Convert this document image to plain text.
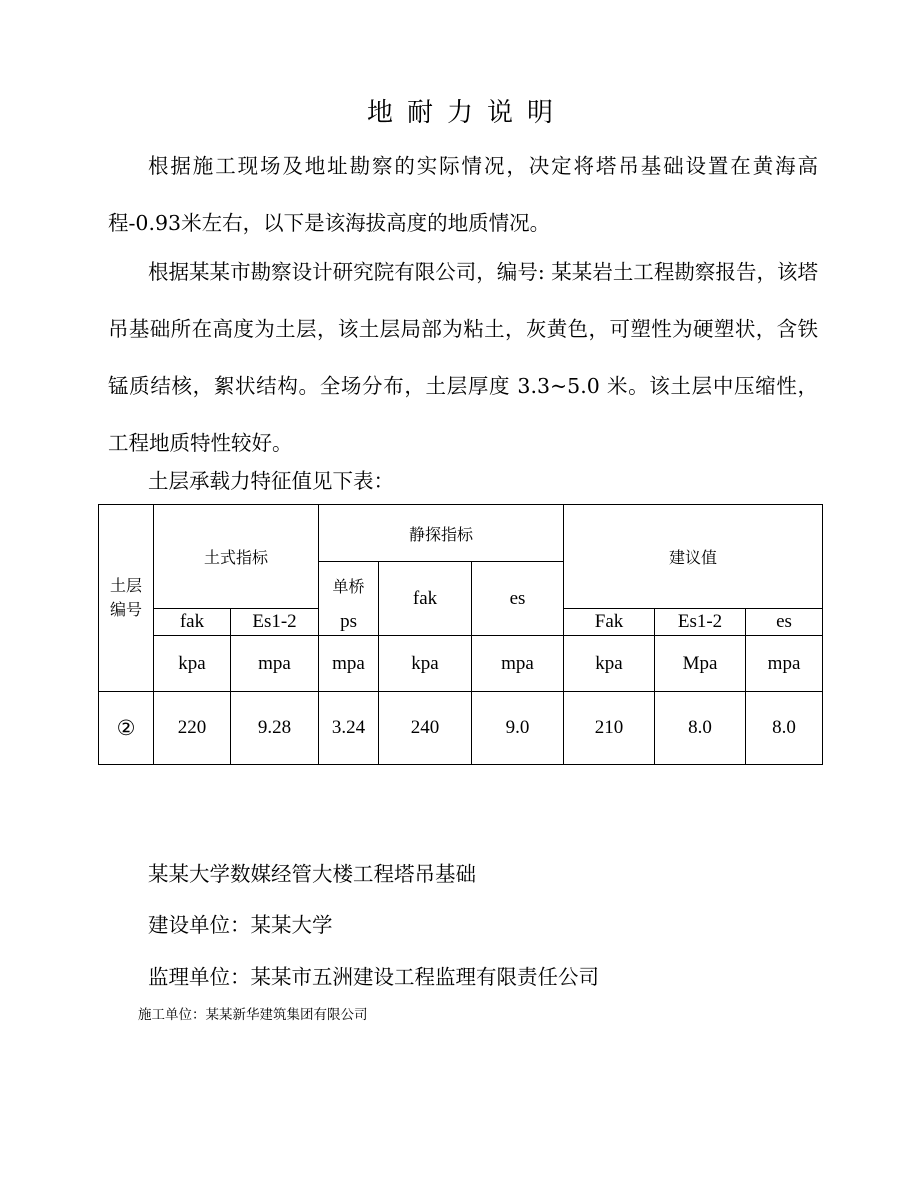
地耐力说明

根据施工现场及地址勘察的实际情况，决定将塔吊基础设置在黄海高程-0.93米左右，以下是该海拔高度的地质情况。

根据某某市勘察设计研究院有限公司，编号: 某某岩土工程勘察报告，该塔吊基础所在高度为土层，该土层局部为粘土，灰黄色，可塑性为硬塑状，含铁锰质结核，絮状结构。全场分布，土层厚度 3.3~5.0 米。该土层中压缩性，工程地质特性较好。

土层承载力特征值见下表：
土层
编号	土式指标		静探指标			建议值		
			单桥	fak	es			
	fak	Es1-2	ps			Fak	Es1-2	es
	kpa	mpa	mpa	kpa	mpa	kpa	Mpa	mpa
②	220	9.28	3.24	240	9.0	210	8.0	8.0
某某大学数媒经管大楼工程塔吊基础
建设单位：某某大学
监理单位：某某市五洲建设工程监理有限责任公司
施工单位：某某新华建筑集团有限公司
